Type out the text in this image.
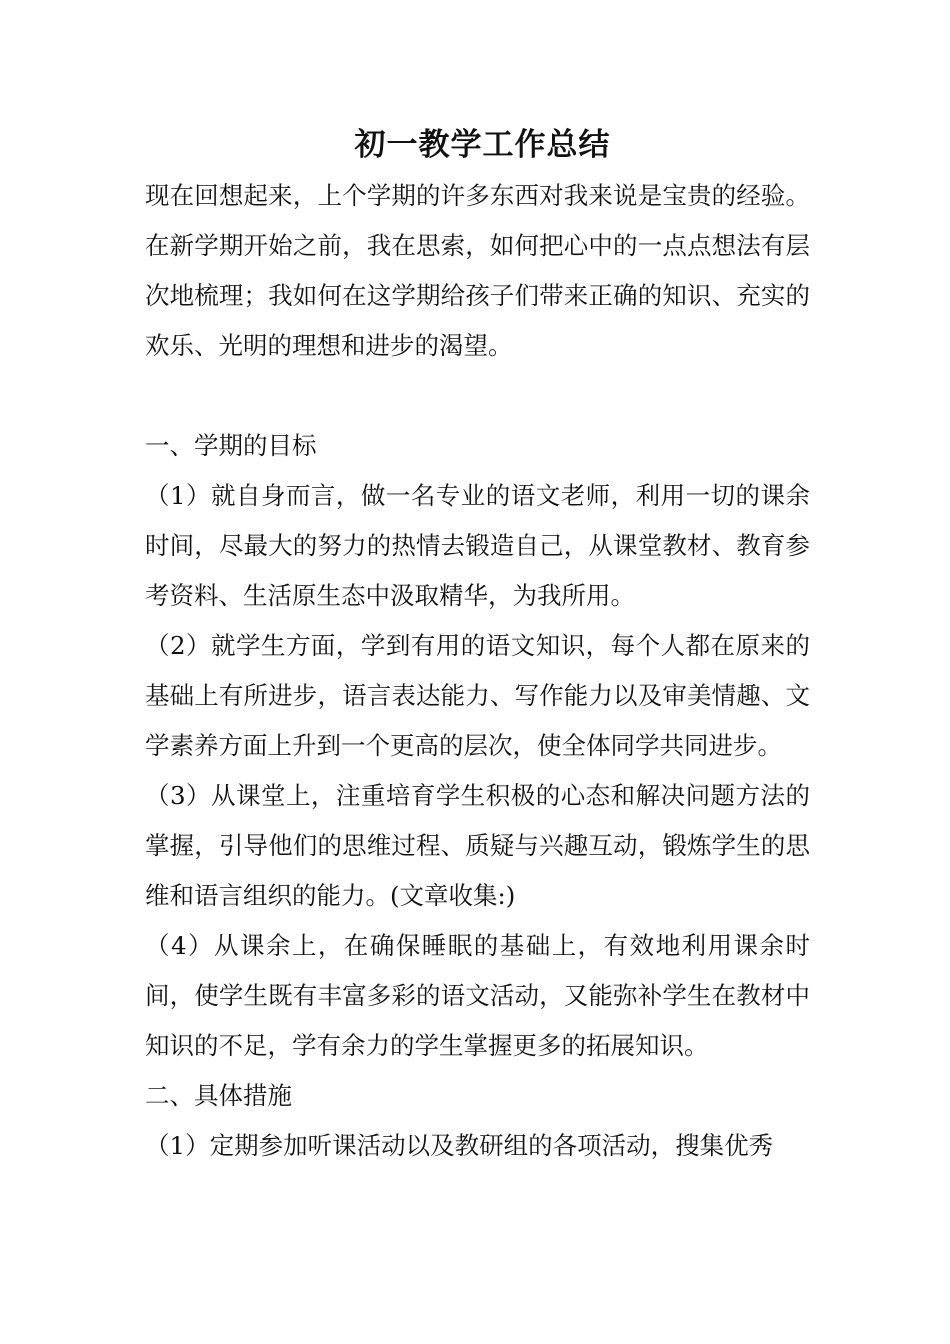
初一教学工作总结

现在回想起来，上个学期的许多东西对我来说是宝贵的经验。在新学期开始之前，我在思索，如何把心中的一点点想法有层次地梳理；我如何在这学期给孩子们带来正确的知识、充实的欢乐、光明的理想和进步的渴望。

一、学期的目标

（1）就自身而言，做一名专业的语文老师，利用一切的课余时间，尽最大的努力的热情去锻造自己，从课堂教材、教育参考资料、生活原生态中汲取精华，为我所用。

（2）就学生方面，学到有用的语文知识，每个人都在原来的基础上有所进步，语言表达能力、写作能力以及审美情趣、文学素养方面上升到一个更高的层次，使全体同学共同进步。

（3）从课堂上，注重培育学生积极的心态和解决问题方法的掌握，引导他们的思维过程、质疑与兴趣互动，锻炼学生的思维和语言组织的能力。(文章收集:)

（4）从课余上，在确保睡眠的基础上，有效地利用课余时间，使学生既有丰富多彩的语文活动，又能弥补学生在教材中知识的不足，学有余力的学生掌握更多的拓展知识。

二、具体措施

（1）定期参加听课活动以及教研组的各项活动，搜集优秀
